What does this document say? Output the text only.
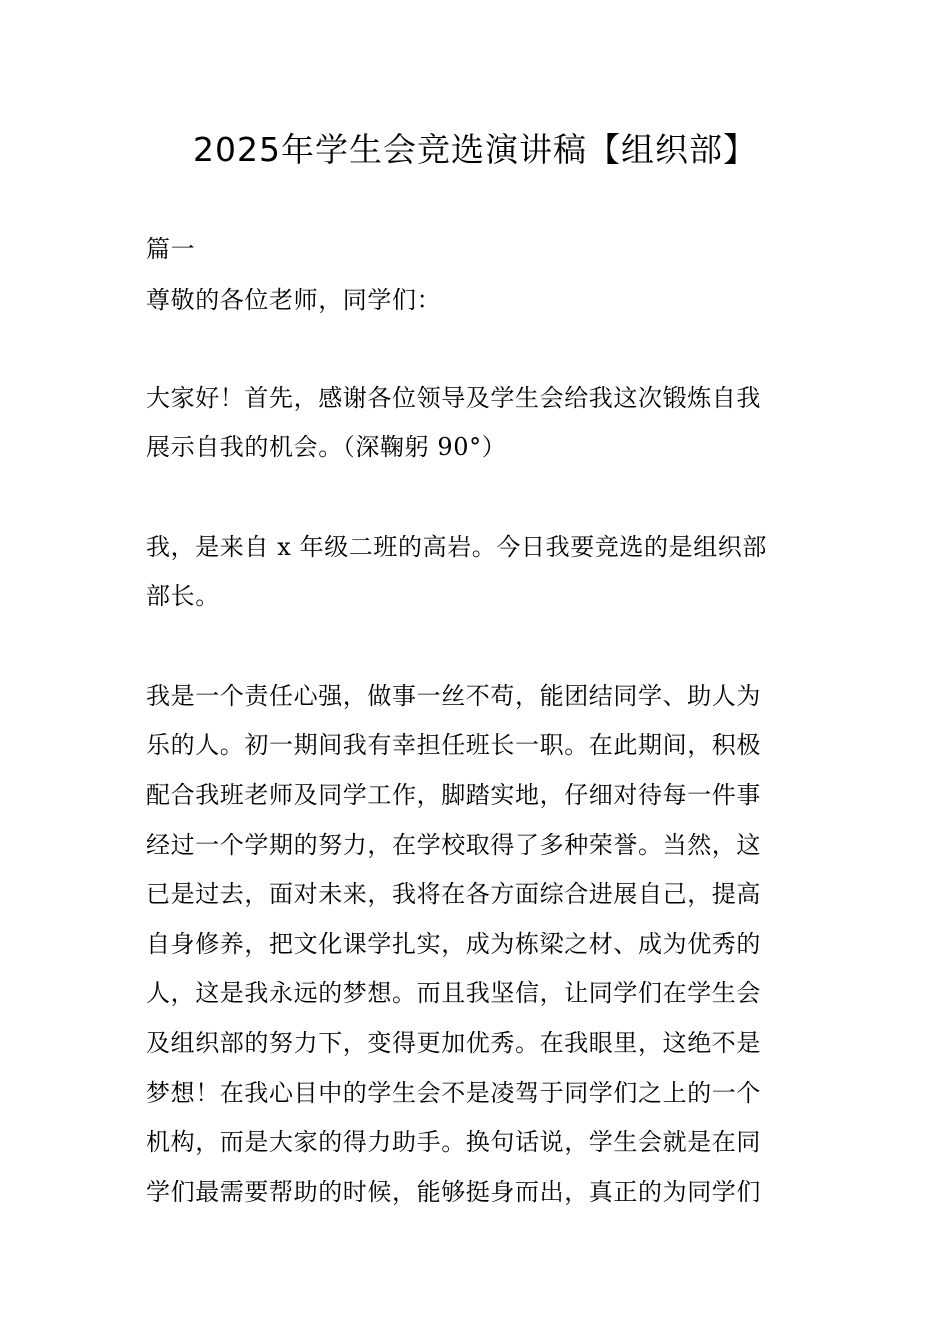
2025年学生会竞选演讲稿【组织部】
篇一
尊敬的各位老师，同学们：
大家好！首先，感谢各位领导及学生会给我这次锻炼自我
展示自我的机会。（深鞠躬 90°）
我，是来自 x 年级二班的高岩。今日我要竞选的是组织部
部长。
我是一个责任心强，做事一丝不苟，能团结同学、助人为
乐的人。初一期间我有幸担任班长一职。在此期间，积极
配合我班老师及同学工作，脚踏实地，仔细对待每一件事
经过一个学期的努力，在学校取得了多种荣誉。当然，这
已是过去，面对未来，我将在各方面综合进展自己，提高
自身修养，把文化课学扎实，成为栋梁之材、成为优秀的
人，这是我永远的梦想。而且我坚信，让同学们在学生会
及组织部的努力下，变得更加优秀。在我眼里，这绝不是
梦想！在我心目中的学生会不是凌驾于同学们之上的一个
机构，而是大家的得力助手。换句话说，学生会就是在同
学们最需要帮助的时候，能够挺身而出，真正的为同学们
